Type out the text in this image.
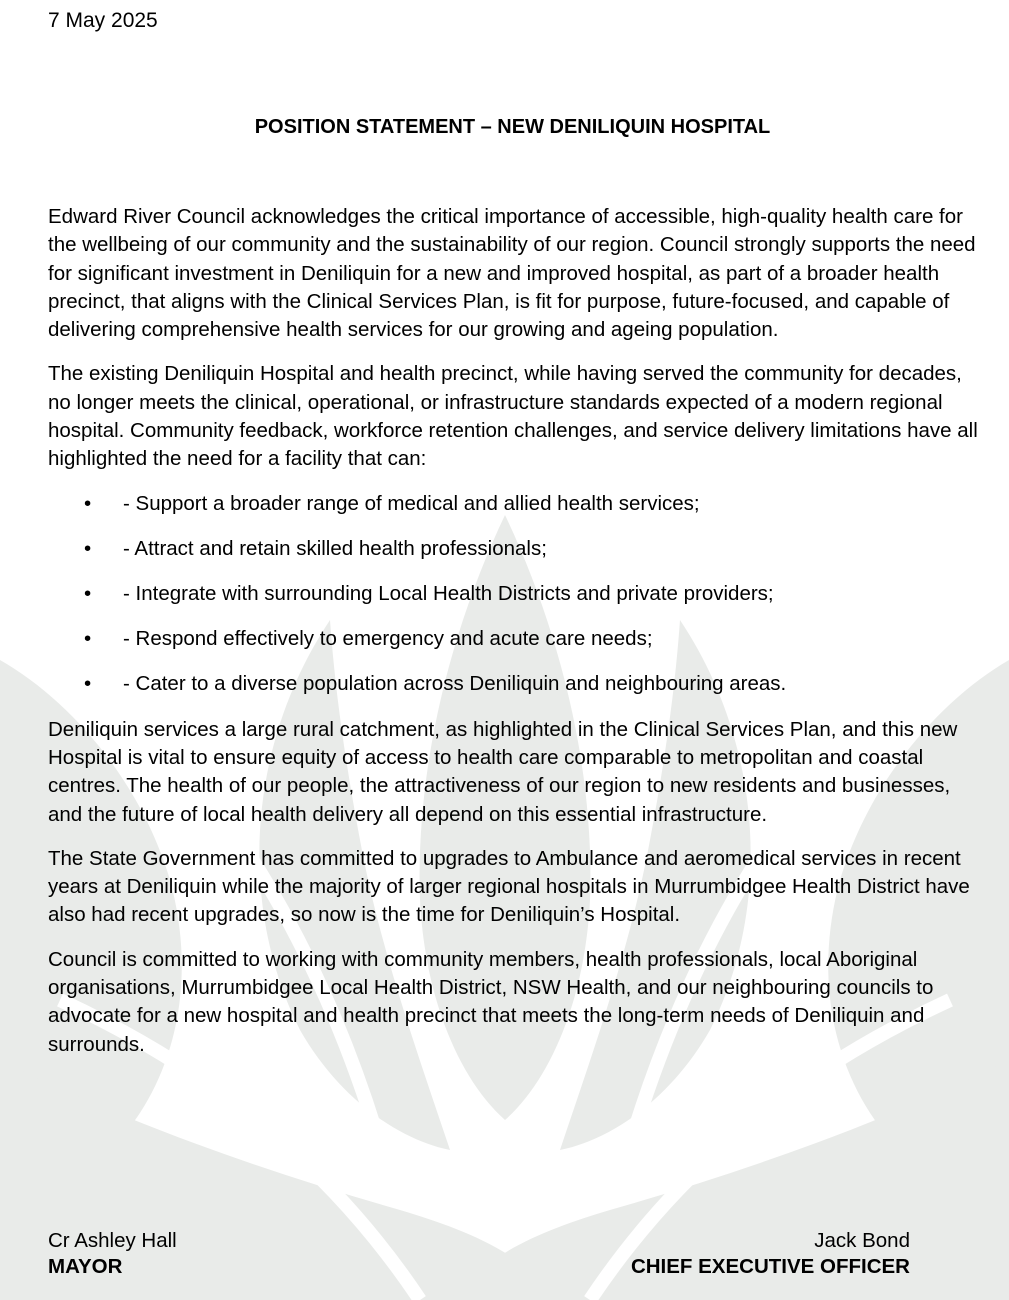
7 May 2025

POSITION STATEMENT – NEW DENILIQUIN HOSPITAL

Edward River Council acknowledges the critical importance of accessible, high-quality health care for the wellbeing of our community and the sustainability of our region. Council strongly supports the need for significant investment in Deniliquin for a new and improved hospital, as part of a broader health precinct, that aligns with the Clinical Services Plan, is fit for purpose, future-focused, and capable of delivering comprehensive health services for our growing and ageing population.

The existing Deniliquin Hospital and health precinct, while having served the community for decades, no longer meets the clinical, operational, or infrastructure standards expected of a modern regional hospital. Community feedback, workforce retention challenges, and service delivery limitations have all highlighted the need for a facility that can:

• - Support a broader range of medical and allied health services;
• - Attract and retain skilled health professionals;
• - Integrate with surrounding Local Health Districts and private providers;
• - Respond effectively to emergency and acute care needs;
• - Cater to a diverse population across Deniliquin and neighbouring areas.

Deniliquin services a large rural catchment, as highlighted in the Clinical Services Plan, and this new Hospital is vital to ensure equity of access to health care comparable to metropolitan and coastal centres. The health of our people, the attractiveness of our region to new residents and businesses, and the future of local health delivery all depend on this essential infrastructure.

The State Government has committed to upgrades to Ambulance and aeromedical services in recent years at Deniliquin while the majority of larger regional hospitals in Murrumbidgee Health District have also had recent upgrades, so now is the time for Deniliquin’s Hospital.

Council is committed to working with community members, health professionals, local Aboriginal organisations, Murrumbidgee Local Health District, NSW Health, and our neighbouring councils to advocate for a new hospital and health precinct that meets the long-term needs of Deniliquin and surrounds.

Cr Ashley Hall

MAYOR

Jack Bond

CHIEF EXECUTIVE OFFICER
